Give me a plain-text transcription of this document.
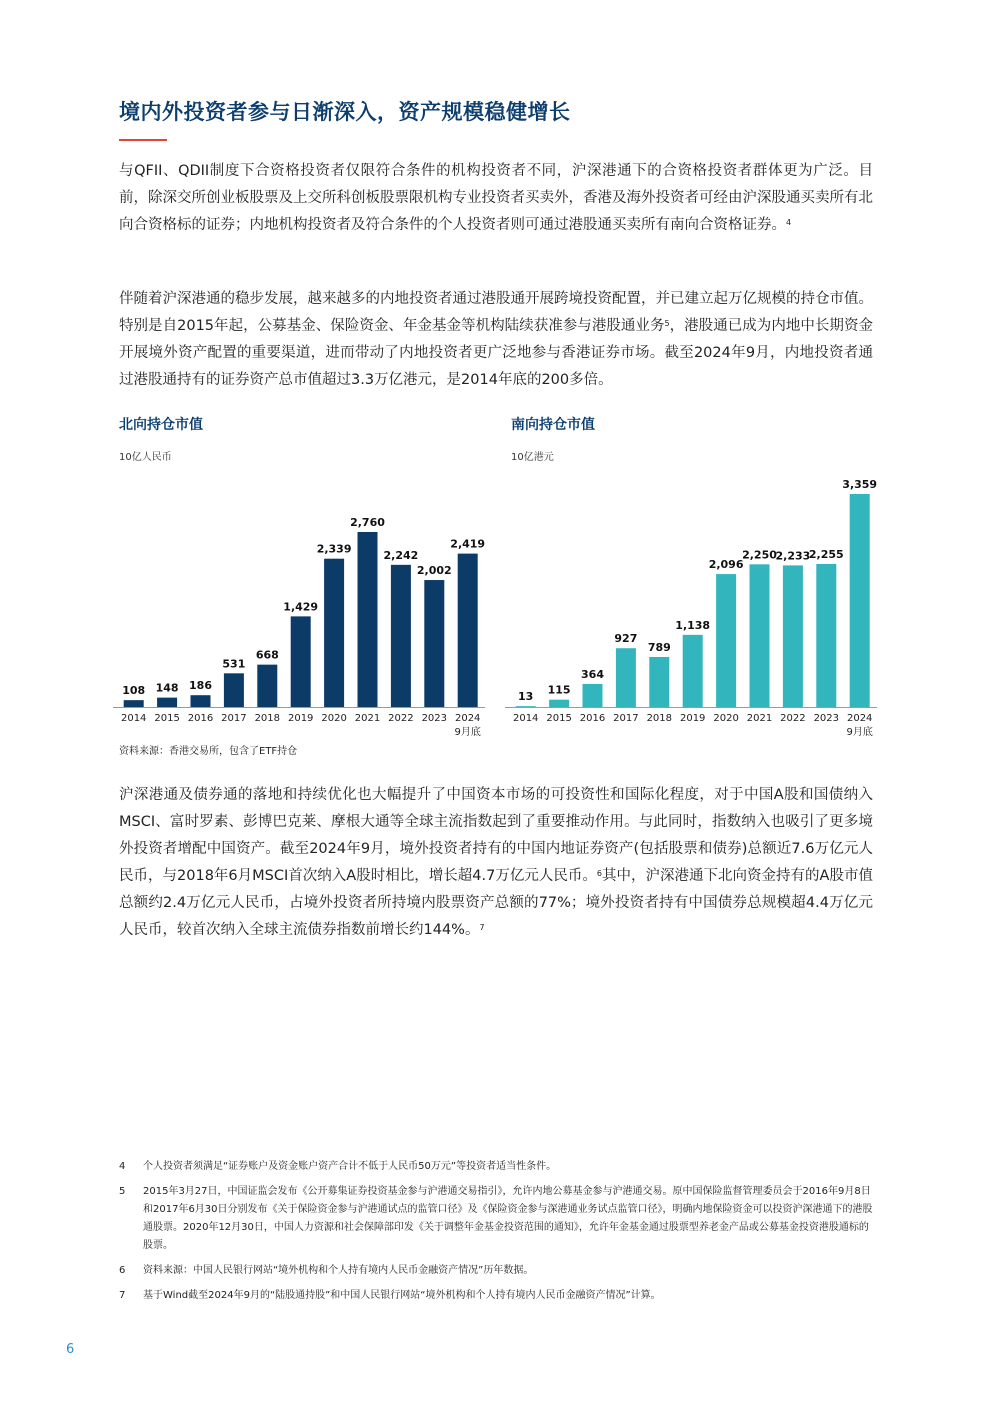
境内外投资者参与日渐深入，资产规模稳健增长
与QFII、QDII制度下合资格投资者仅限符合条件的机构投资者不同，沪深港通下的合资格投资者群体更为广泛。目前，除深交所创业板股票及上交所科创板股票限机构专业投资者买卖外，香港及海外投资者可经由沪深股通买卖所有北向合资格标的证券；内地机构投资者及符合条件的个人投资者则可通过港股通买卖所有南向合资格证券。$^4$
伴随着沪深港通的稳步发展，越来越多的内地投资者通过港股通开展跨境投资配置，并已建立起万亿规模的持仓市值。特别是自2015年起，公募基金、保险资金、年金基金等机构陆续获准参与港股通业务$^5$，港股通已成为内地中长期资金开展境外资产配置的重要渠道，进而带动了内地投资者更广泛地参与香港证券市场。截至2024年9月，内地投资者通过港股通持有的证券资产总市值超过3.3万亿港元，是2014年底的200多倍。
北向持仓市值
10亿人民币
108
2014
148
2015
186
2016
531
2017
668
2018
1,429
2019
2,339
2020
2,760
2021
2,242
2022
2,002
2023
2,419
2024
9月底
南向持仓市值
10亿港元
13
2014
115
2015
364
2016
927
2017
789
2018
1,138
2019
2,096
2020
2,250
2021
2,233
2022
2,255
2023
3,359
2024
9月底
资料来源：香港交易所，包含了ETF持仓
沪深港通及债券通的落地和持续优化也大幅提升了中国资本市场的可投资性和国际化程度，对于中国A股和国债纳入MSCI、富时罗素、彭博巴克莱、摩根大通等全球主流指数起到了重要推动作用。与此同时，指数纳入也吸引了更多境外投资者增配中国资产。截至2024年9月，境外投资者持有的中国内地证券资产(包括股票和债券)总额近7.6万亿元人民币，与2018年6月MSCI首次纳入A股时相比，增长超4.7万亿元人民币。$^6$其中，沪深港通下北向资金持有的A股市值总额约2.4万亿元人民币，占境外投资者所持境内股票资产总额的77%；境外投资者持有中国债券总规模超4.4万亿元人民币，较首次纳入全球主流债券指数前增长约144%。$^7$
4	个人投资者须满足“证券账户及资金账户资产合计不低于人民币50万元”等投资者适当性条件。
5	2015年3月27日，中国证监会发布《公开募集证券投资基金参与沪港通交易指引》，允许内地公募基金参与沪港通交易。原中国保险监督管理委员会于2016年9月8日和2017年6月30日分别发布《关于保险资金参与沪港通试点的监管口径》及《保险资金参与深港通业务试点监管口径》，明确内地保险资金可以投资沪深港通下的港股通股票。2020年12月30日，中国人力资源和社会保障部印发《关于调整年金基金投资范围的通知》，允许年金基金通过股票型养老金产品或公募基金投资港股通标的股票。
6	资料来源：中国人民银行网站“境外机构和个人持有境内人民币金融资产情况”历年数据。
7	基于Wind截至2024年9月的“陆股通持股”和中国人民银行网站“境外机构和个人持有境内人民币金融资产情况”计算。
6
